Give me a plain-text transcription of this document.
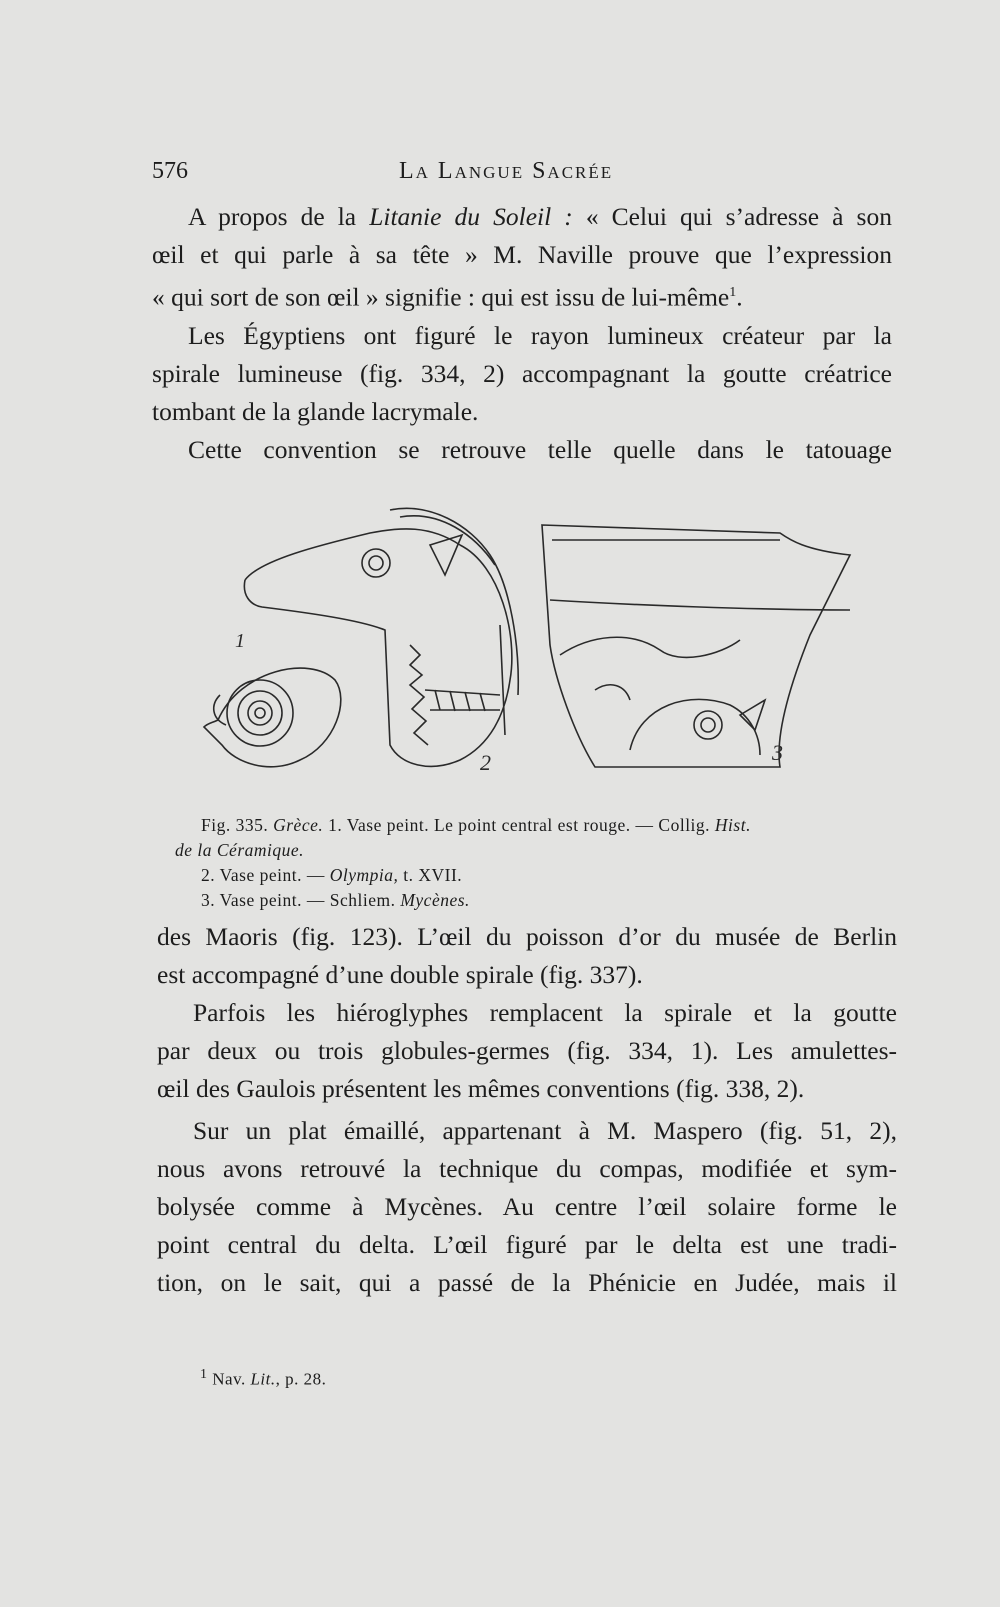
576	La Langue Sacrée
A propos de la Litanie du Soleil : « Celui qui s’adresse à son
œil et qui parle à sa tête » M. Naville prouve que l’expression
« qui sort de son œil » signifie : qui est issu de lui-même$^1$.
Les Égyptiens ont figuré le rayon lumineux créateur par la
spirale lumineuse (fig. 334, 2) accompagnant la goutte créatrice
tombant de la glande lacrymale.
Cette convention se retrouve telle quelle dans le tatouage
1
2	3
Fig. 335. Grèce. 1. Vase peint. Le point central est rouge. — Collig. Hist.
de la Céramique.
2. Vase peint. — Olympia, t. XVII.
3. Vase peint. — Schliem. Mycènes.
des Maoris (fig. 123). L’œil du poisson d’or du musée de Berlin
est accompagné d’une double spirale (fig. 337).
Parfois les hiéroglyphes remplacent la spirale et la goutte
par deux ou trois globules-germes (fig. 334, 1). Les amulettes-
œil des Gaulois présentent les mêmes conventions (fig. 338, 2).
Sur un plat émaillé, appartenant à M. Maspero (fig. 51, 2),
nous avons retrouvé la technique du compas, modifiée et sym-
bolysée comme à Mycènes. Au centre l’œil solaire forme le
point central du delta. L’œil figuré par le delta est une tradi-
tion, on le sait, qui a passé de la Phénicie en Judée, mais il
$^1$ Nav. Lit., p. 28.
